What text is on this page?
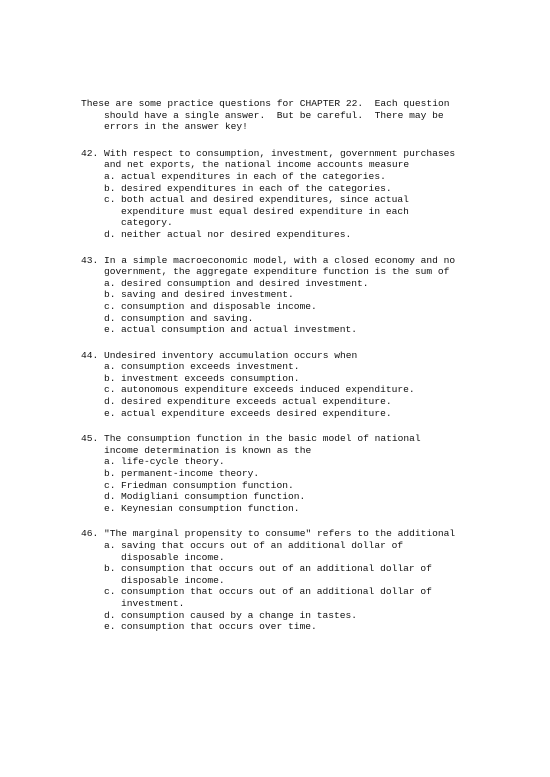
These are some practice questions for CHAPTER 22.  Each question
should have a single answer.  But be careful.  There may be
errors in the answer key!
42. With respect to consumption, investment, government purchases
and net exports, the national income accounts measure
a. actual expenditures in each of the categories.
b. desired expenditures in each of the categories.
c. both actual and desired expenditures, since actual
expenditure must equal desired expenditure in each
category.
d. neither actual nor desired expenditures.
43. In a simple macroeconomic model, with a closed economy and no
government, the aggregate expenditure function is the sum of
a. desired consumption and desired investment.
b. saving and desired investment.
c. consumption and disposable income.
d. consumption and saving.
e. actual consumption and actual investment.
44. Undesired inventory accumulation occurs when
a. consumption exceeds investment.
b. investment exceeds consumption.
c. autonomous expenditure exceeds induced expenditure.
d. desired expenditure exceeds actual expenditure.
e. actual expenditure exceeds desired expenditure.
45. The consumption function in the basic model of national
income determination is known as the
a. life-cycle theory.
b. permanent-income theory.
c. Friedman consumption function.
d. Modigliani consumption function.
e. Keynesian consumption function.
46. "The marginal propensity to consume" refers to the additional
a. saving that occurs out of an additional dollar of
disposable income.
b. consumption that occurs out of an additional dollar of
disposable income.
c. consumption that occurs out of an additional dollar of
investment.
d. consumption caused by a change in tastes.
e. consumption that occurs over time.
